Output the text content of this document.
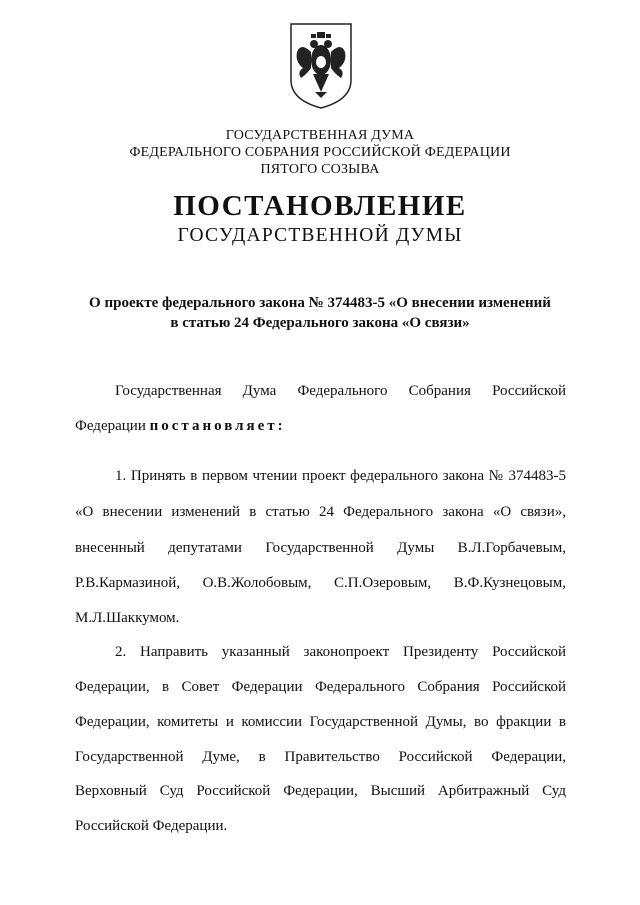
ГОСУДАРСТВЕННАЯ ДУМА
ФЕДЕРАЛЬНОГО СОБРАНИЯ РОССИЙСКОЙ ФЕДЕРАЦИИ
ПЯТОГО СОЗЫВА
ПОСТАНОВЛЕНИЕ
ГОСУДАРСТВЕННОЙ ДУМЫ
О проекте федерального закона № 374483-5 «О внесении изменений
в статью 24 Федерального закона «О связи»
Государственная Дума Федерального Собрания Российской
Федерации постановляет:
1. Принять в первом чтении проект федерального закона № 374483-5
«О внесении изменений в статью 24 Федерального закона «О связи»,
внесенный депутатами Государственной Думы В.Л.Горбачевым,
Р.В.Кармазиной, О.В.Жолобовым, С.П.Озеровым, В.Ф.Кузнецовым,
М.Л.Шаккумом.
2. Направить указанный законопроект Президенту Российской
Федерации, в Совет Федерации Федерального Собрания Российской
Федерации, комитеты и комиссии Государственной Думы, во фракции в
Государственной Думе, в Правительство Российской Федерации,
Верховный Суд Российской Федерации, Высший Арбитражный Суд
Российской Федерации.
